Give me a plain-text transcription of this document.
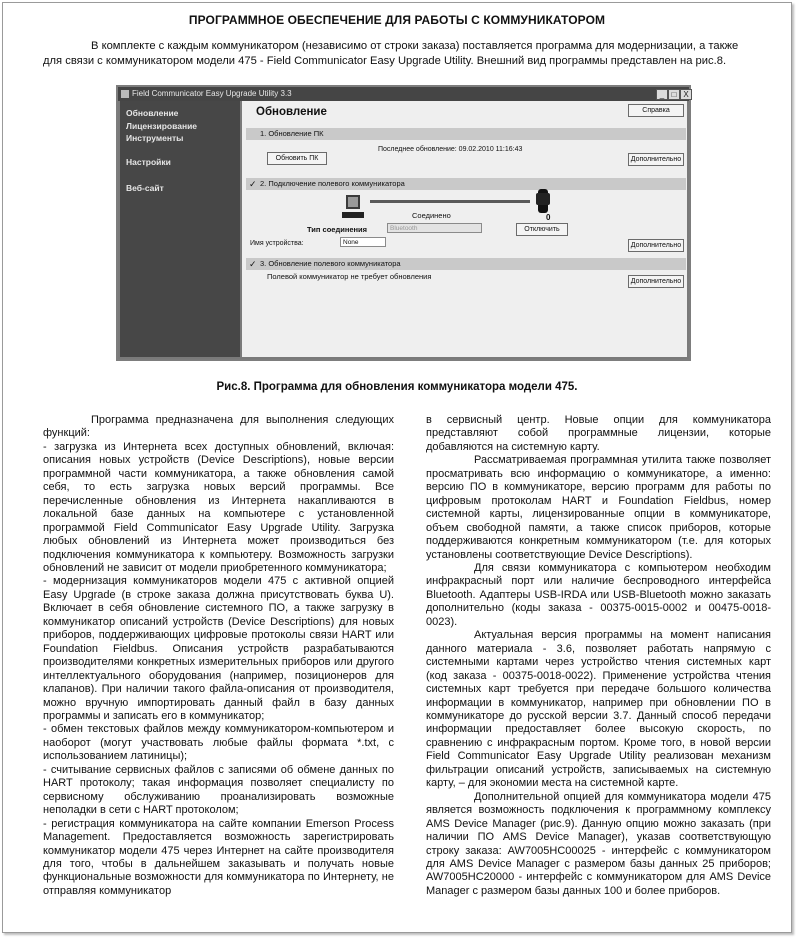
ПРОГРАММНОЕ ОБЕСПЕЧЕНИЕ ДЛЯ РАБОТЫ С КОММУНИКАТОРОМ
В комплекте с каждым коммуникатором (независимо от строки заказа) поставляется программа для модернизации, а также
для связи с коммуникатором модели 475 - Field Communicator Easy Upgrade Utility. Внешний вид программы представлен на рис.8.
Field Communicator Easy Upgrade Utility 3.3	_ □ X
Обновление
Лицензирование
Инструменты
Настройки
Веб-сайт
Обновление	Справка
1. Обновление ПК
Последнее обновление: 09.02.2010 11:16:43
Обновить ПК	Дополнительно
✓ 2. Подключение полевого коммуникатора
0
Соединено
Тип соединения	Bluetooth	Отключить
Имя устройства:	None	Дополнительно
✓ 3. Обновление полевого коммуникатора
Полевой коммуникатор не требует обновления
Дополнительно
Рис.8. Программа для обновления коммуникатора модели 475.

Программа предназначена для выполнения следующих функций:

- загрузка из Интернета всех доступных обновлений, включая: описания новых устройств (Device Descriptions), новые версии программной части коммуникатора, а также обновления самой себя, то есть загрузка новых версий программы. Все перечисленные обновления из Интернета накапливаются в локальной базе данных на компьютере с установленной программой Field Communicator Easy Upgrade Utility. Загрузка любых обновлений из Интернета может производиться без подключения коммуникатора к компьютеру. Возможность загрузки обновлений не зависит от модели приобретенного коммуникатора;

- модернизация коммуникаторов модели 475 с активной опцией Easy Upgrade (в строке заказа должна присутствовать буква U). Включает в себя обновление системного ПО, а также загрузку в коммуникатор описаний устройств (Device Descriptions) для новых приборов, поддерживающих цифровые протоколы связи HART или Foundation Fieldbus. Описания устройств разрабатываются производителями конкретных измерительных приборов или другого интеллектуального оборудования (например, позиционеров для клапанов). При наличии такого файла-описания от производителя, можно вручную импортировать данный файл в базу данных программы и записать его в коммуникатор;

- обмен текстовых файлов между коммуникатором-компьютером и наоборот (могут участвовать любые файлы формата *.txt, с использованием латиницы);

- считывание сервисных файлов с записями об обмене данных по HART протоколу; такая информация позволяет специалисту по сервисному обслуживанию проанализировать возможные неполадки в сети с HART протоколом;

- регистрация коммуникатора на сайте компании Emerson Process Management. Предоставляется возможность зарегистрировать коммуникатор модели 475 через Интернет на сайте производителя для того, чтобы в дальнейшем заказывать и получать новые функциональные возможности для коммуникатора по Интернету, не отправляя коммуникатор

в сервисный центр. Новые опции для коммуникатора представляют собой программные лицензии, которые добавляются на системную карту.

Рассматриваемая программная утилита также позволяет просматривать всю информацию о коммуникаторе, а именно: версию ПО в коммуникаторе, версию программ для работы по цифровым протоколам HART и Foundation Fieldbus, номер системной карты, лицензированные опции в коммуникаторе, объем свободной памяти, а также список приборов, которые поддерживаются конкретным коммуникатором (т.е. для которых установлены соответствующие Device Descriptions).

Для связи коммуникатора с компьютером необходим инфракрасный порт или наличие беспроводного интерфейса Bluetooth. Адаптеры USB-IRDA или USB-Bluetooth можно заказать дополнительно (коды заказа - 00375-0015-0002 и 00475-0018-0023).

Актуальная версия программы на момент написания данного материала - 3.6, позволяет работать напрямую с системными картами через устройство чтения системных карт (код заказа - 00375-0018-0022). Применение устройства чтения системных карт требуется при передаче большого количества информации в коммуникатор, например при обновлении ПО в коммуникаторе до русской версии 3.7. Данный способ передачи информации предоставляет более высокую скорость, по сравнению с инфракрасным портом. Кроме того, в новой версии Field Communicator Easy Upgrade Utility реализован механизм фильтрации описаний устройств, записываемых на системную карту, – для экономии места на системной карте.

Дополнительной опцией для коммуникатора модели 475 является возможность подключения к программному комплексу AMS Device Manager (рис.9). Данную опцию можно заказать (при наличии ПО AMS Device Manager), указав соответствующую строку заказа: AW7005HC00025 - интерфейс с коммуникатором для AMS Device Manager с размером базы данных 25 приборов; AW7005HC20000 - интерфейс с коммуникатором для AMS Device Manager с размером базы данных 100 и более приборов.
